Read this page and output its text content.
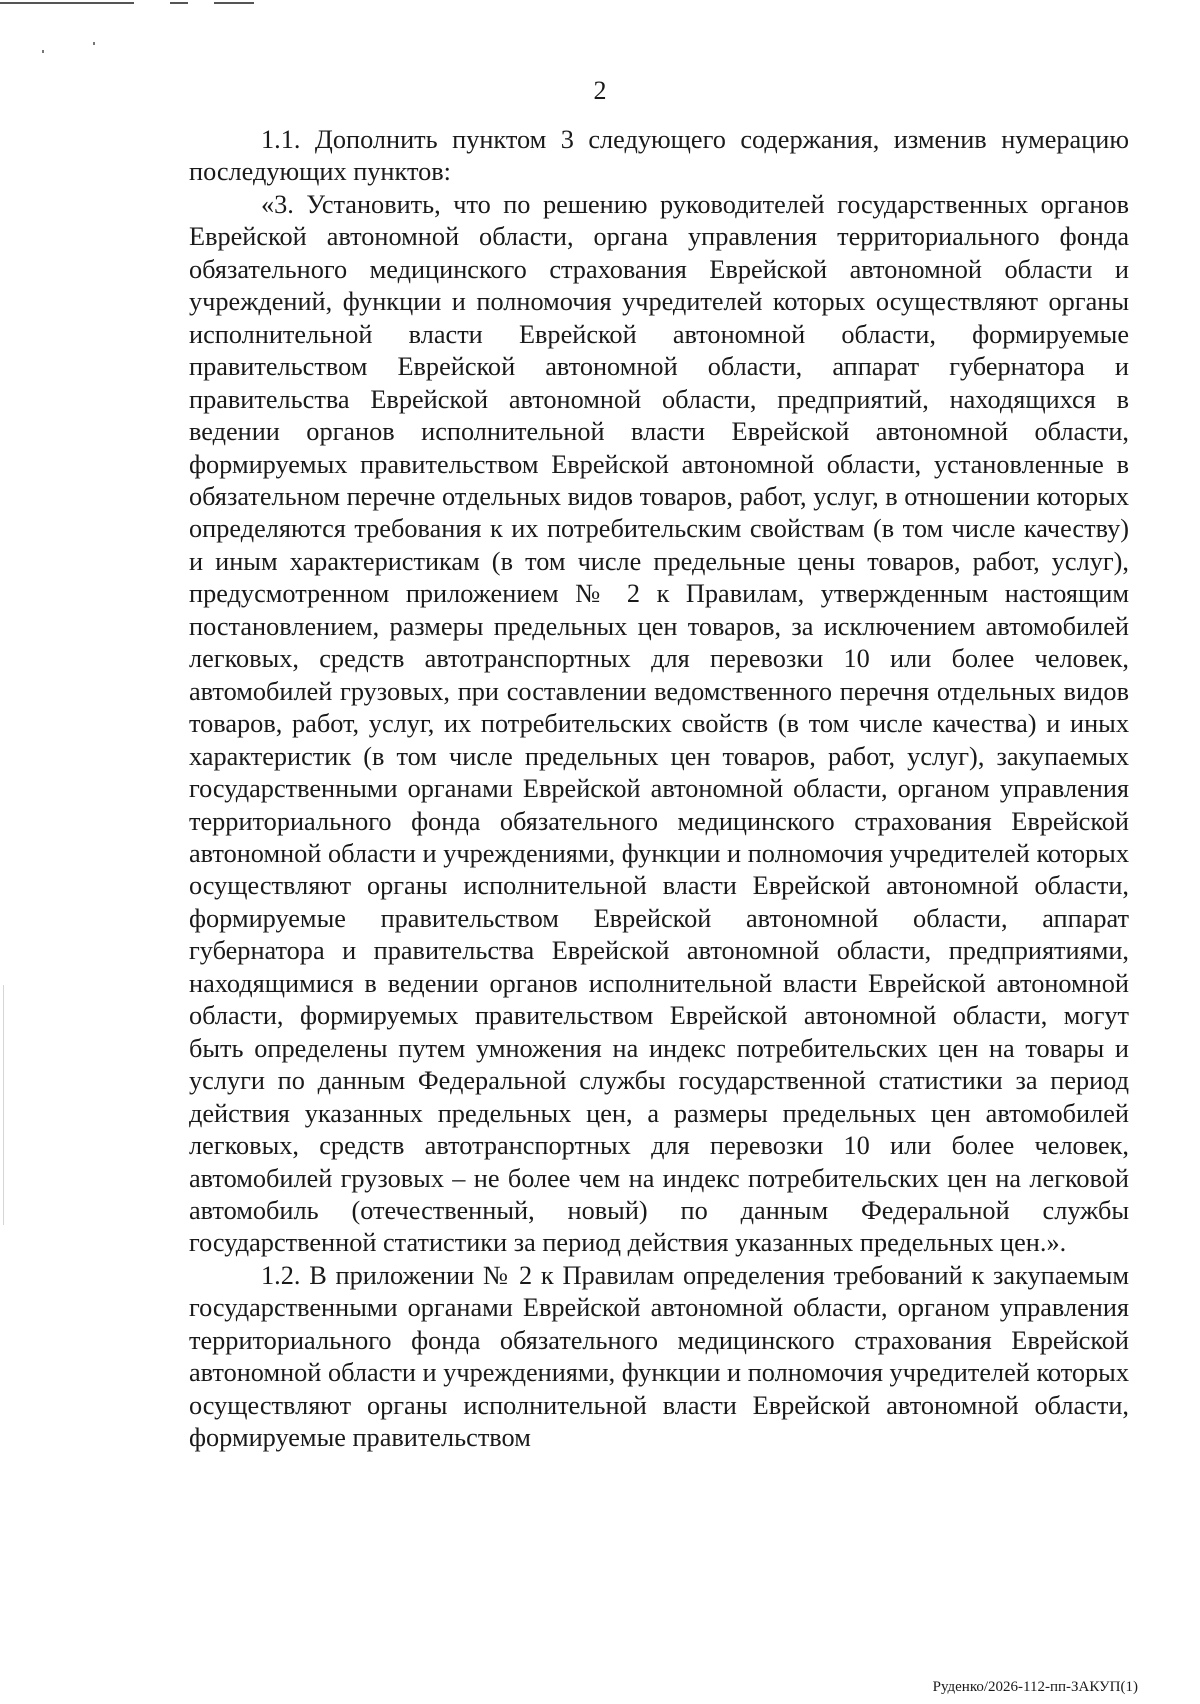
2

1.1. Дополнить пунктом 3 следующего содержания, изменив нумерацию последующих пунктов:

«3. Установить, что по решению руководителей государственных органов Еврейской автономной области, органа управления территориального фонда обязательного медицинского страхования Еврейской автономной области и учреждений, функции и полномочия учредителей которых осуществляют органы исполнительной власти Еврейской автономной области, формируемые правительством Еврейской автономной области, аппарат губернатора и правительства Еврейской автономной области, предприятий, находящихся в ведении органов исполнительной власти Еврейской автономной области, формируемых правительством Еврейской автономной области, установленные в обязательном перечне отдельных видов товаров, работ, услуг, в отношении которых определяются требования к их потребительским свойствам (в том числе качеству) и иным характеристикам (в том числе предельные цены товаров, работ, услуг), предусмотренном приложением № 2 к Правилам, утвержденным настоящим постановлением, размеры предельных цен товаров, за исключением автомобилей легковых, средств автотранспортных для перевозки 10 или более человек, автомобилей грузовых, при составлении ведомственного перечня отдельных видов товаров, работ, услуг, их потребительских свойств (в том числе качества) и иных характеристик (в том числе предельных цен товаров, работ, услуг), закупаемых государственными органами Еврейской автономной области, органом управления территориального фонда обязательного медицинского страхования Еврейской автономной области и учреждениями, функции и полномочия учредителей которых осуществляют органы исполнительной власти Еврейской автономной области, формируемые правительством Еврейской автономной области, аппарат губернатора и правительства Еврейской автономной области, предприятиями, находящимися в ведении органов исполнительной власти Еврейской автономной области, формируемых правительством Еврейской автономной области, могут быть определены путем умножения на индекс потребительских цен на товары и услуги по данным Федеральной службы государственной статистики за период действия указанных предельных цен, а размеры предельных цен автомобилей легковых, средств автотранспортных для перевозки 10 или более человек, автомобилей грузовых – не более чем на индекс потребительских цен на легковой автомобиль (отечественный, новый) по данным Федеральной службы государственной статистики за период действия указанных предельных цен.».

1.2. В приложении № 2 к Правилам определения требований к закупаемым государственными органами Еврейской автономной области, органом управления территориального фонда обязательного медицинского страхования Еврейской автономной области и учреждениями, функции и полномочия учредителей которых осуществляют органы исполнительной власти Еврейской автономной области, формируемые правительством

Руденко/2026-112-пп-ЗАКУП(1)
